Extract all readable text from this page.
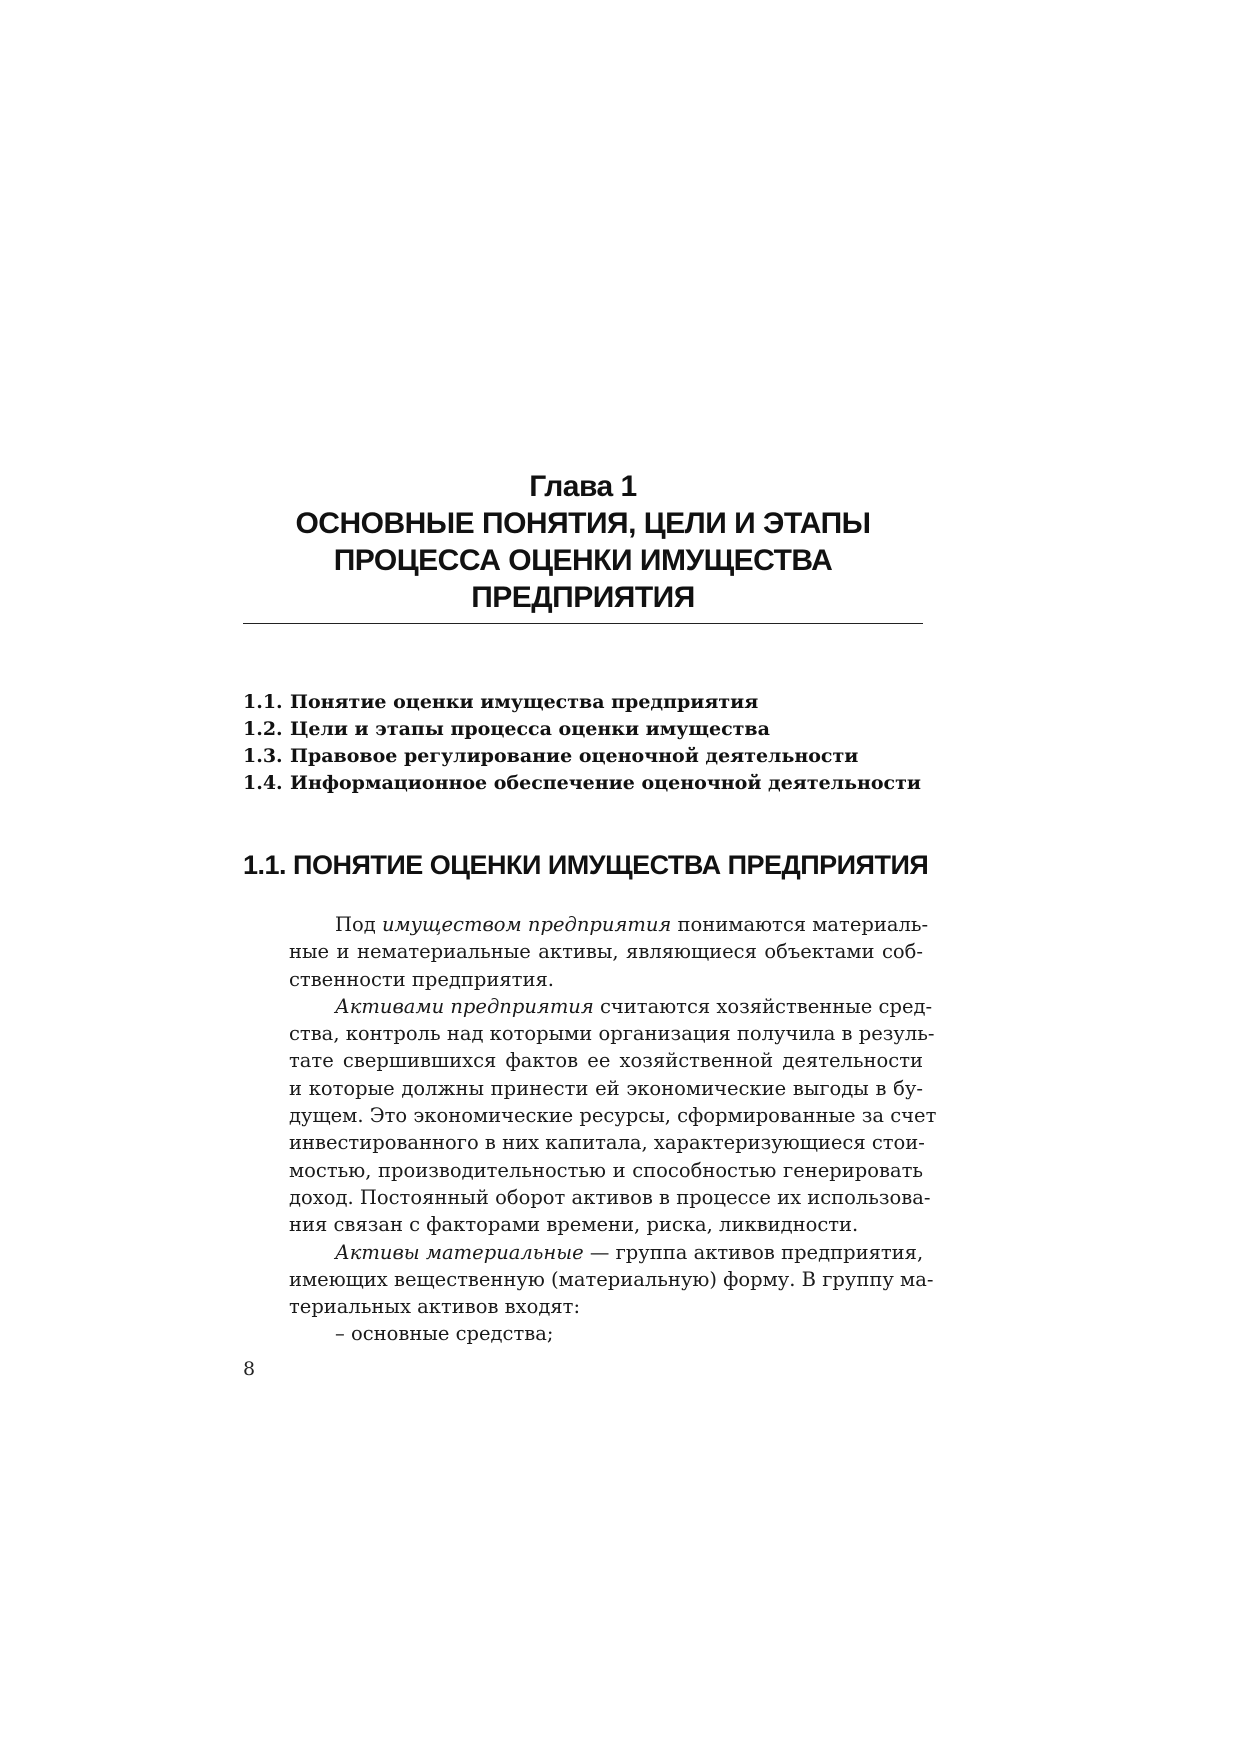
Глава 1
ОСНОВНЫЕ ПОНЯТИЯ, ЦЕЛИ И ЭТАПЫ
ПРОЦЕССА ОЦЕНКИ ИМУЩЕСТВА
ПРЕДПРИЯТИЯ
1.1. Понятие оценки имущества предприятия
1.2. Цели и этапы процесса оценки имущества
1.3. Правовое регулирование оценочной деятельности
1.4. Информационное обеспечение оценочной деятельности
1.1. ПОНЯТИЕ ОЦЕНКИ ИМУЩЕСТВА ПРЕДПРИЯТИЯ
Под имуществом предприятия понимаются материаль-
ные и нематериальные активы, являющиеся объектами соб-
ственности предприятия.
Активами предприятия считаются хозяйственные сред-
ства, контроль над которыми организация получила в резуль-
тате свершившихся фактов ее хозяйственной деятельности
и которые должны принести ей экономические выгоды в бу-
дущем. Это экономические ресурсы, сформированные за счет
инвестированного в них капитала, характеризующиеся стои-
мостью, производительностью и способностью генерировать
доход. Постоянный оборот активов в процессе их использова-
ния связан с факторами времени, риска, ликвидности.
Активы материальные — группа активов предприятия,
имеющих вещественную (материальную) форму. В группу ма-
териальных активов входят:
– основные средства;
8
